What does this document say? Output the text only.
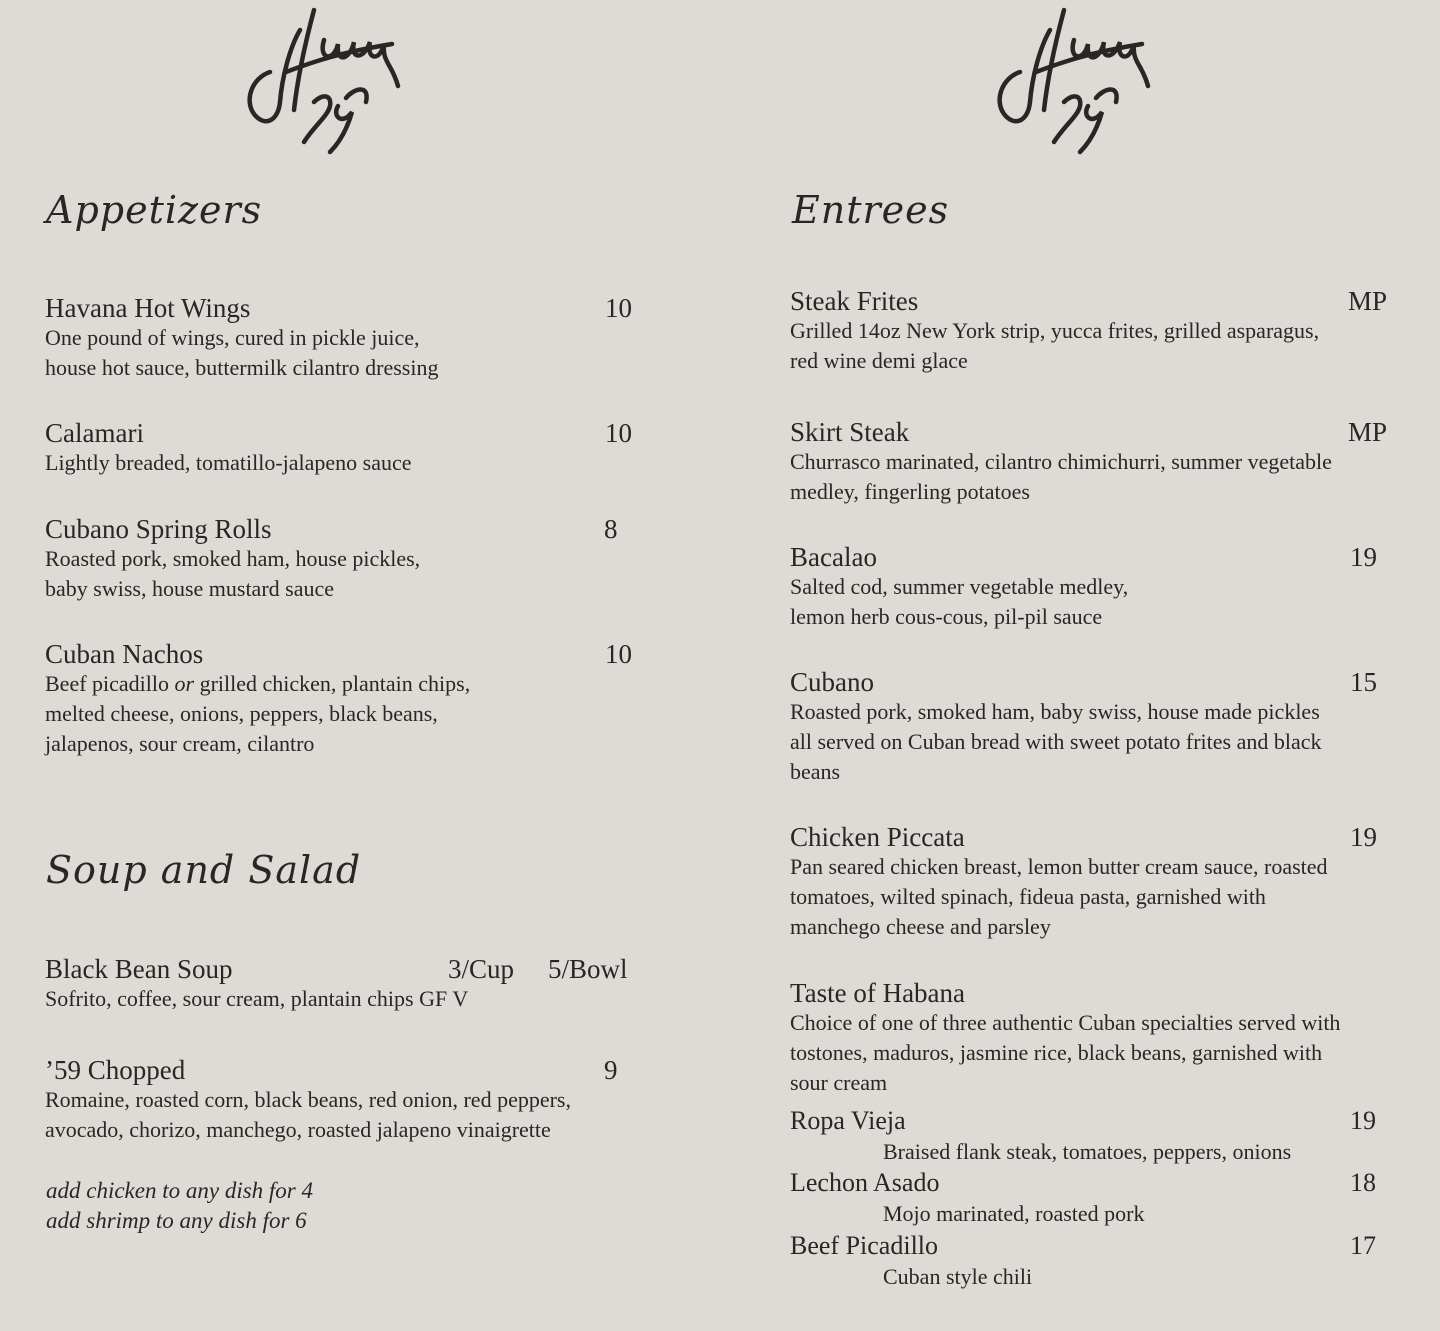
Appetizers
Havana Hot Wings	10
One pound of wings, cured in pickle juice,
house hot sauce, buttermilk cilantro dressing
Calamari	10
Lightly breaded, tomatillo-jalapeno sauce
Cubano Spring Rolls	8
Roasted pork, smoked ham, house pickles,
baby swiss, house mustard sauce
Cuban Nachos	10
Beef picadillo or grilled chicken, plantain chips,
melted cheese, onions, peppers, black beans,
jalapenos, sour cream, cilantro
Soup and Salad
Black Bean Soup	3/Cup 5/Bowl
Sofrito, coffee, sour cream, plantain chips GF V
’59 Chopped	9
Romaine, roasted corn, black beans, red onion, red peppers,
avocado, chorizo, manchego, roasted jalapeno vinaigrette
add chicken to any dish for 4
add shrimp to any dish for 6
Entrees
Steak Frites	MP
Grilled 14oz New York strip, yucca frites, grilled asparagus,
red wine demi glace
Skirt Steak	MP
Churrasco marinated, cilantro chimichurri, summer vegetable
medley, fingerling potatoes
Bacalao	19
Salted cod, summer vegetable medley,
lemon herb cous-cous, pil-pil sauce
Cubano	15
Roasted pork, smoked ham, baby swiss, house made pickles
all served on Cuban bread with sweet potato frites and black
beans
Chicken Piccata	19
Pan seared chicken breast, lemon butter cream sauce, roasted
tomatoes, wilted spinach, fideua pasta, garnished with
manchego cheese and parsley
Taste of Habana
Choice of one of three authentic Cuban specialties served with
tostones, maduros, jasmine rice, black beans, garnished with
sour cream
Ropa Vieja	19
Braised flank steak, tomatoes, peppers, onions
Lechon Asado	18
Mojo marinated, roasted pork
Beef Picadillo	17
Cuban style chili
